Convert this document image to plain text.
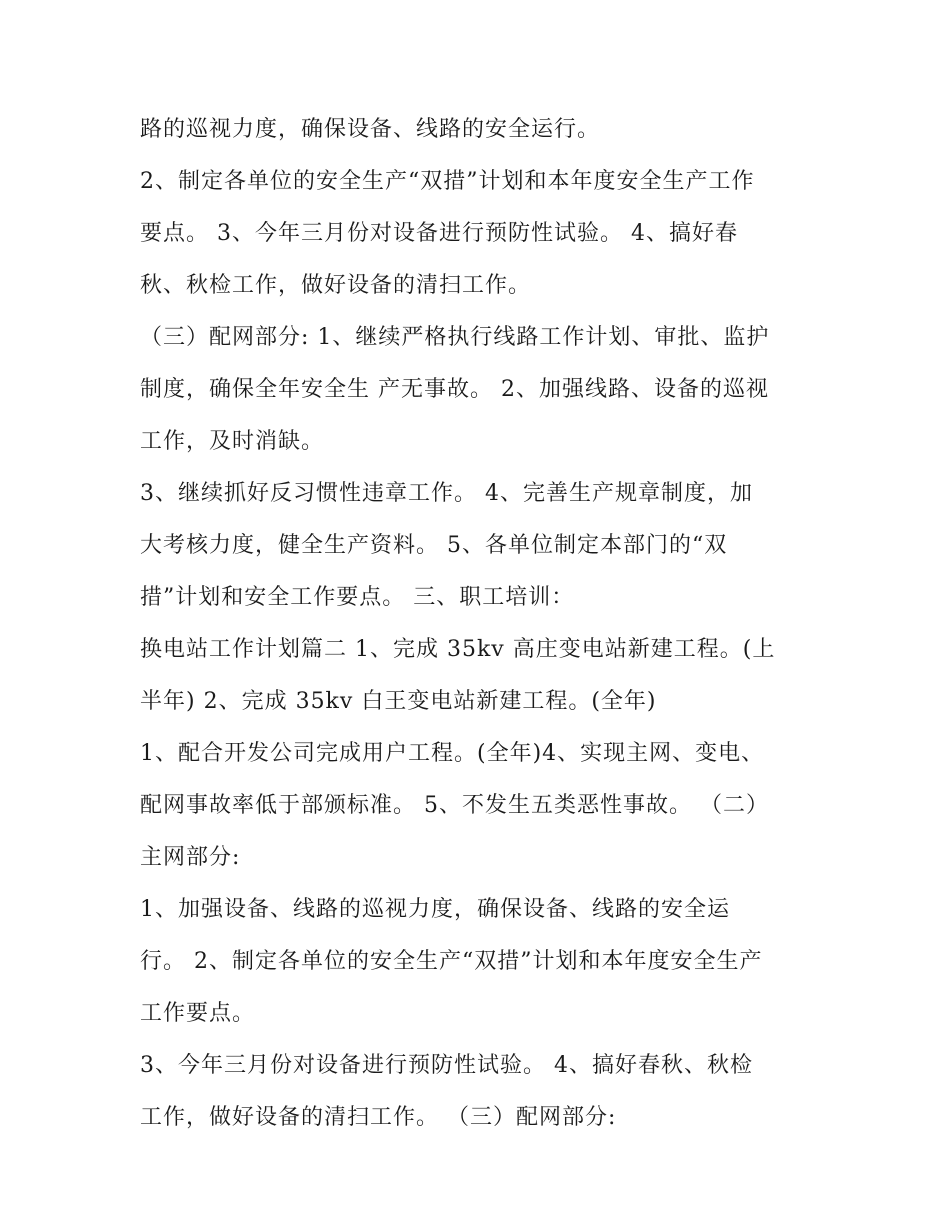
路的巡视力度，确保设备、线路的安全运行。
2、制定各单位的安全生产“双措”计划和本年度安全生产工作
要点。 3、今年三月份对设备进行预防性试验。 4、搞好春
秋、秋检工作，做好设备的清扫工作。
（三）配网部分: 1、继续严格执行线路工作计划、审批、监护
制度，确保全年安全生 产无事故。 2、加强线路、设备的巡视
工作，及时消缺。
3、继续抓好反习惯性违章工作。 4、完善生产规章制度，加
大考核力度，健全生产资料。 5、各单位制定本部门的“双
措”计划和安全工作要点。 三、职工培训：
换电站工作计划篇二 1、完成 35kv 高庄变电站新建工程。(上
半年) 2、完成 35kv 白王变电站新建工程。(全年)
1、配合开发公司完成用户工程。(全年)4、实现主网、变电、
配网事故率低于部颁标准。 5、不发生五类恶性事故。 （二）
主网部分:
1、加强设备、线路的巡视力度，确保设备、线路的安全运
行。 2、制定各单位的安全生产“双措”计划和本年度安全生产
工作要点。
3、今年三月份对设备进行预防性试验。 4、搞好春秋、秋检
工作，做好设备的清扫工作。 （三）配网部分:
